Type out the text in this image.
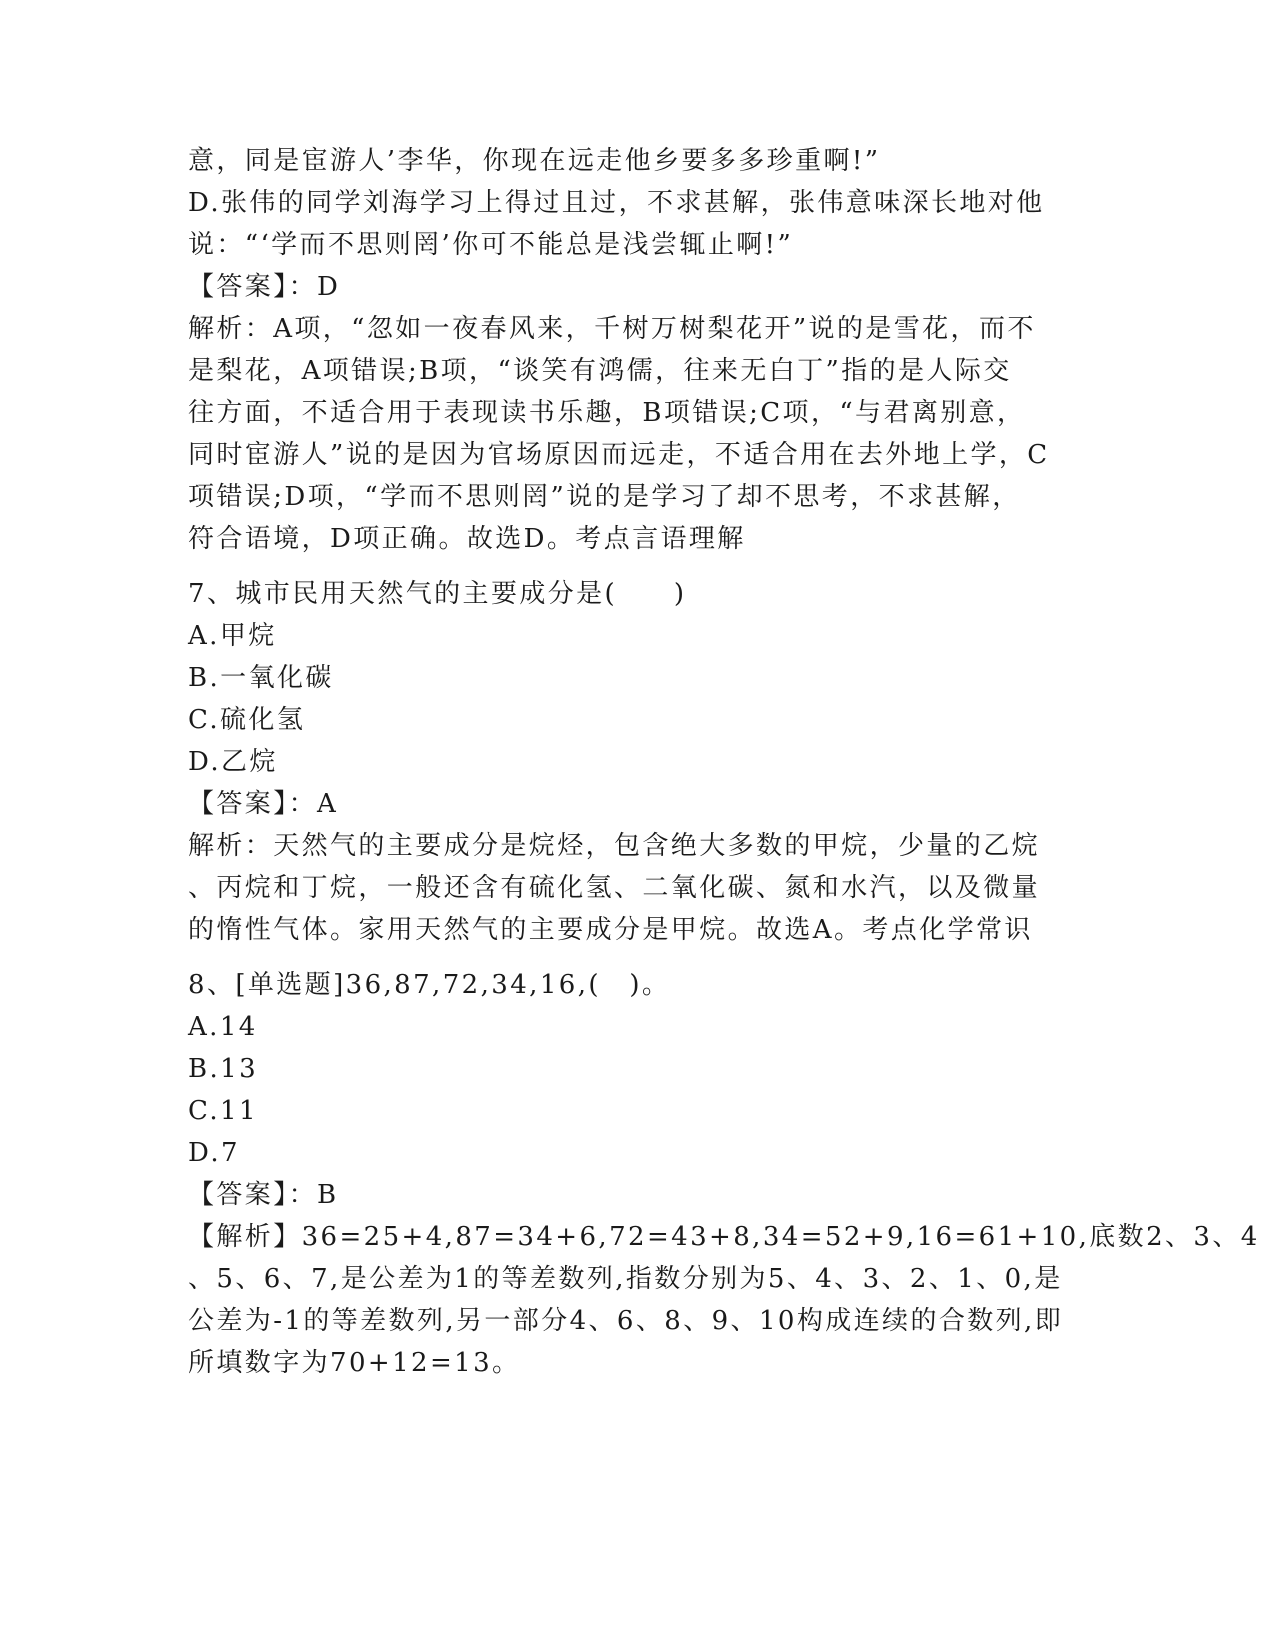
意，同是宦游人’李华，你现在远走他乡要多多珍重啊!”
D.张伟的同学刘海学习上得过且过，不求甚解，张伟意味深长地对他
说：“‘学而不思则罔’你可不能总是浅尝辄止啊!”
【答案】：D
解析：A项，“忽如一夜春风来，千树万树梨花开”说的是雪花，而不
是梨花，A项错误;B项，“谈笑有鸿儒，往来无白丁”指的是人际交
往方面，不适合用于表现读书乐趣，B项错误;C项，“与君离别意，
同时宦游人”说的是因为官场原因而远走，不适合用在去外地上学，C
项错误;D项，“学而不思则罔”说的是学习了却不思考，不求甚解，
符合语境，D项正确。故选D。考点言语理解
7、城市民用天然气的主要成分是(　　)
A.甲烷
B.一氧化碳
C.硫化氢
D.乙烷
【答案】：A
解析：天然气的主要成分是烷烃，包含绝大多数的甲烷，少量的乙烷
、丙烷和丁烷，一般还含有硫化氢、二氧化碳、氮和水汽，以及微量
的惰性气体。家用天然气的主要成分是甲烷。故选A。考点化学常识
8、[单选题]36,87,72,34,16,(　)。
A.14
B.13
C.11
D.7
【答案】：B
【解析】36=25+4,87=34+6,72=43+8,34=52+9,16=61+10,底数2、3、4
、5、6、7,是公差为1的等差数列,指数分别为5、4、3、2、1、0,是
公差为-1的等差数列,另一部分4、6、8、9、10构成连续的合数列,即
所填数字为70+12=13。
